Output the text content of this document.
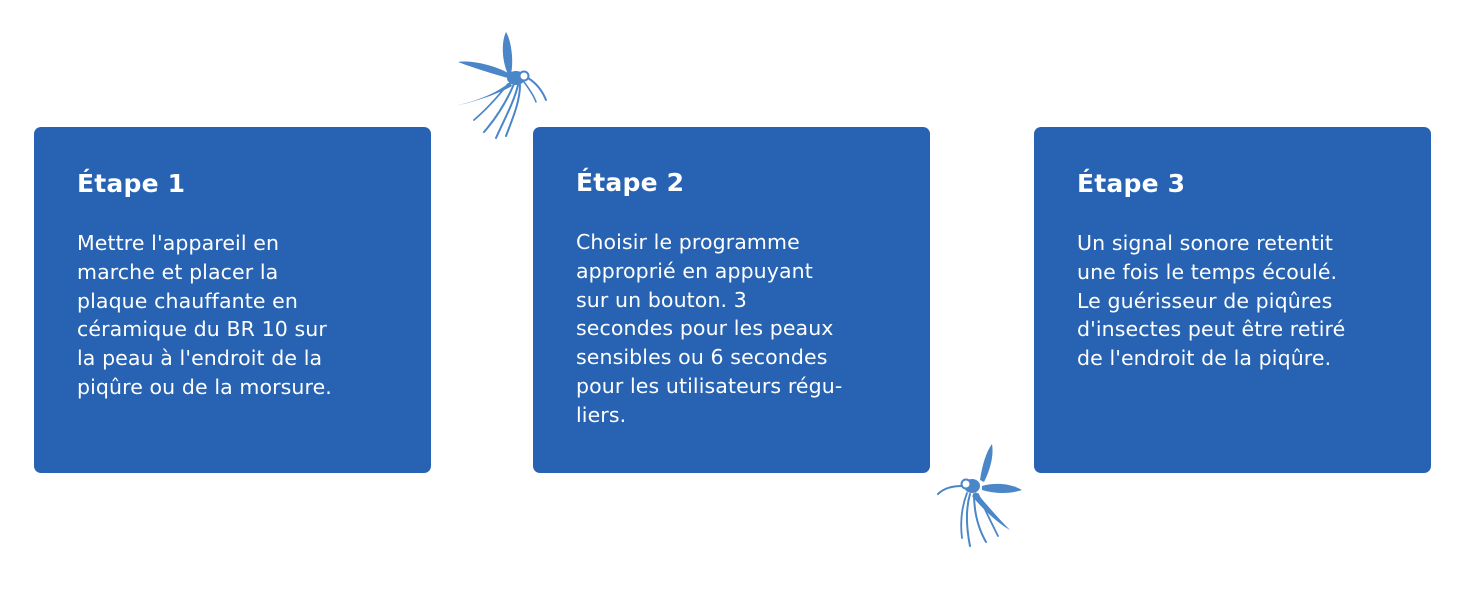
Étape 1

Mettre l'appareil en
marche et placer la
plaque chauffante en
céramique du BR 10 sur
la peau à l'endroit de la
piqûre ou de la morsure.

Étape 2

Choisir le programme
approprié en appuyant
sur un bouton. 3
secondes pour les peaux
sensibles ou 6 secondes
pour les utilisateurs régu-
liers.

Étape 3

Un signal sonore retentit
une fois le temps écoulé.
Le guérisseur de piqûres
d'insectes peut être retiré
de l'endroit de la piqûre.
